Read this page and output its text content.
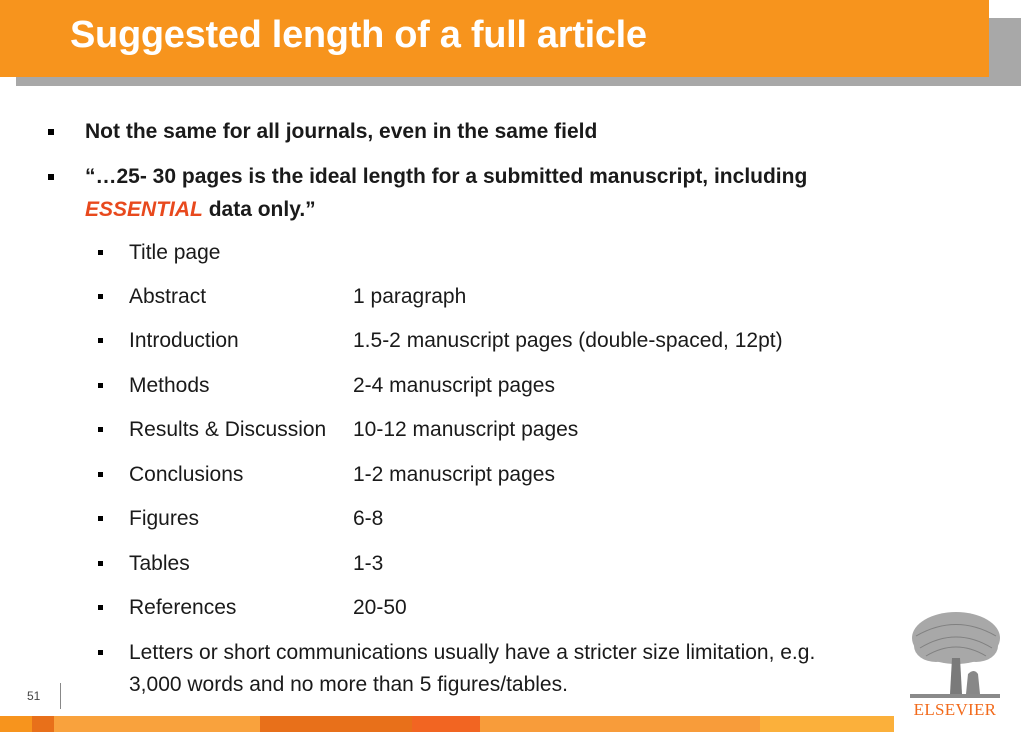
Suggested length of a full article
Not the same for all journals, even in the same field
“…25- 30 pages is the ideal length for a submitted manuscript, including
ESSENTIAL data only.”
Title page
Abstract	1 paragraph
Introduction	1.5-2 manuscript pages (double-spaced, 12pt)
Methods	2-4 manuscript pages
Results & Discussion 10-12 manuscript pages
Conclusions	1-2 manuscript pages
Figures	6-8
Tables	1-3
References	20-50
Letters or short communications usually have a stricter size limitation, e.g.
3,000 words and no more than 5 figures/tables.
51
ELSEVIER
